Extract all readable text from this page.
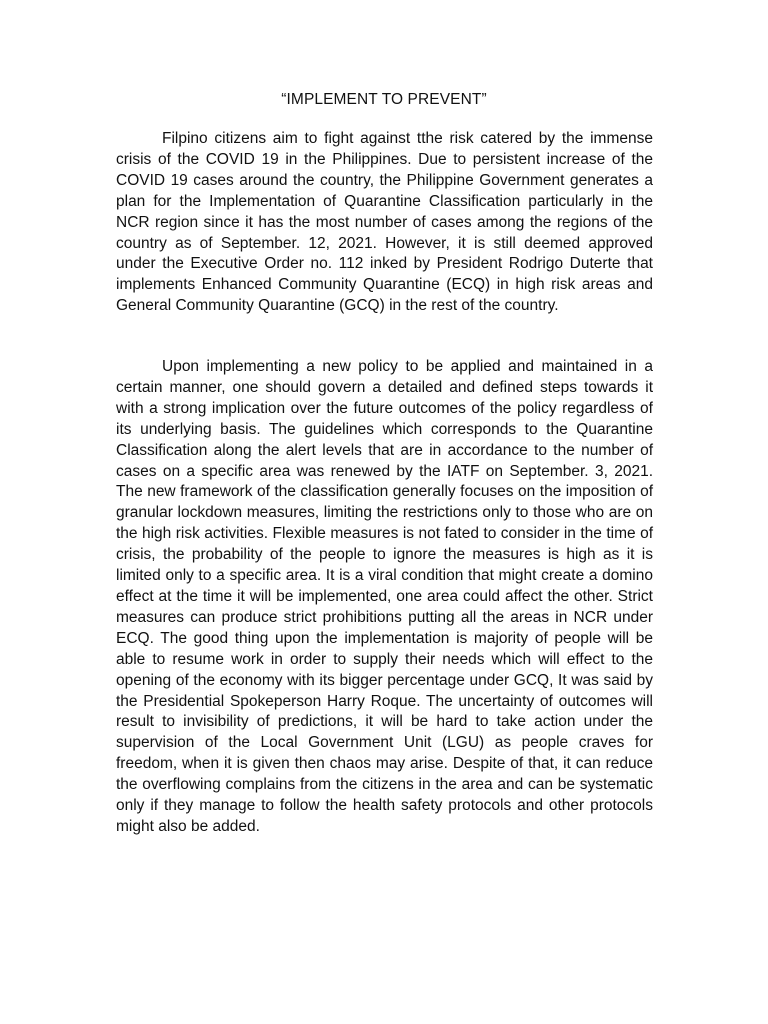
“IMPLEMENT TO PREVENT”

Filpino citizens aim to fight against tthe risk catered by the immense crisis of the COVID 19 in the Philippines. Due to persistent increase of the COVID 19 cases around the country, the Philippine Government generates a plan for the Implementation of Quarantine Classification particularly in the NCR region since it has the most number of cases among the regions of the country as of September. 12, 2021. However, it is still deemed approved under the Executive Order no. 112 inked by President Rodrigo Duterte that implements Enhanced Community Quarantine (ECQ) in high risk areas and General Community Quarantine (GCQ) in the rest of the country.

Upon implementing a new policy to be applied and maintained in a certain manner, one should govern a detailed and defined steps towards it with a strong implication over the future outcomes of the policy regardless of its underlying basis. The guidelines which corresponds to the Quarantine Classification along the alert levels that are in accordance to the number of cases on a specific area was renewed by the IATF on September. 3, 2021. The new framework of the classification generally focuses on the imposition of granular lockdown measures, limiting the restrictions only to those who are on the high risk activities. Flexible measures is not fated to consider in the time of crisis, the probability of the people to ignore the measures is high as it is limited only to a specific area. It is a viral condition that might create a domino effect at the time it will be implemented, one area could affect the other. Strict measures can produce strict prohibitions putting all the areas in NCR under ECQ. The good thing upon the implementation is majority of people will be able to resume work in order to supply their needs which will effect to the opening of the economy with its bigger percentage under GCQ, It was said by the Presidential Spokeperson Harry Roque. The uncertainty of outcomes will result to invisibility of predictions, it will be hard to take action under the supervision of the Local Government Unit (LGU) as people craves for freedom, when it is given then chaos may arise. Despite of that, it can reduce the overflowing complains from the citizens in the area and can be systematic only if they manage to follow the health safety protocols and other protocols might also be added.
